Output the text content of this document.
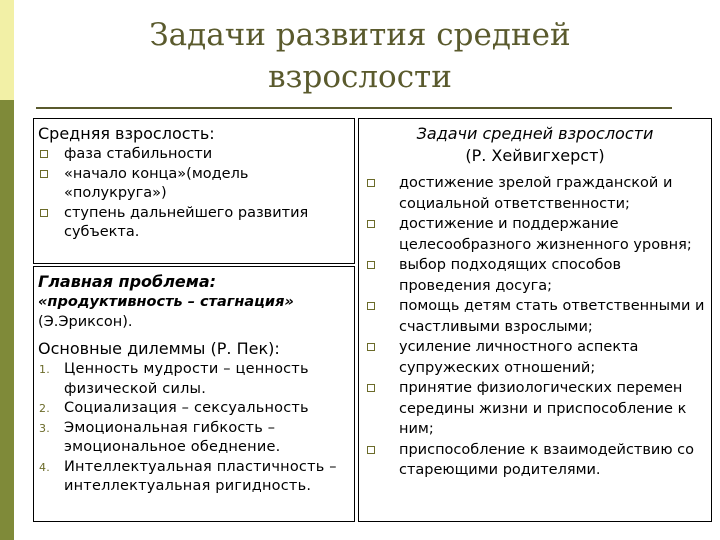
Задачи развития средней
взрослости
Средняя взрослость:
фаза стабильности
«начало конца»(модель «полукруга»)
ступень дальнейшего развития субъекта.
Главная проблема:
«продуктивность – стагнация»
(Э.Эриксон).
Основные дилеммы (Р. Пек):
1. Ценность мудрости – ценность физической силы.
2. Социализация – сексуальность
3. Эмоциональная гибкость – эмоциональное обеднение.
4. Интеллектуальная пластичность – интеллектуальная ригидность.
Задачи средней взрослости
(Р. Хейвигхерст)
достижение зрелой гражданской и социальной ответственности;
достижение и поддержание целесообразного жизненного уровня;
выбор подходящих способов проведения досуга;
помощь детям стать ответственными и счастливыми взрослыми;
усиление личностного аспекта супружеских отношений;
принятие физиологических перемен середины жизни и приспособление к ним;
приспособление к взаимодействию со стареющими родителями.
